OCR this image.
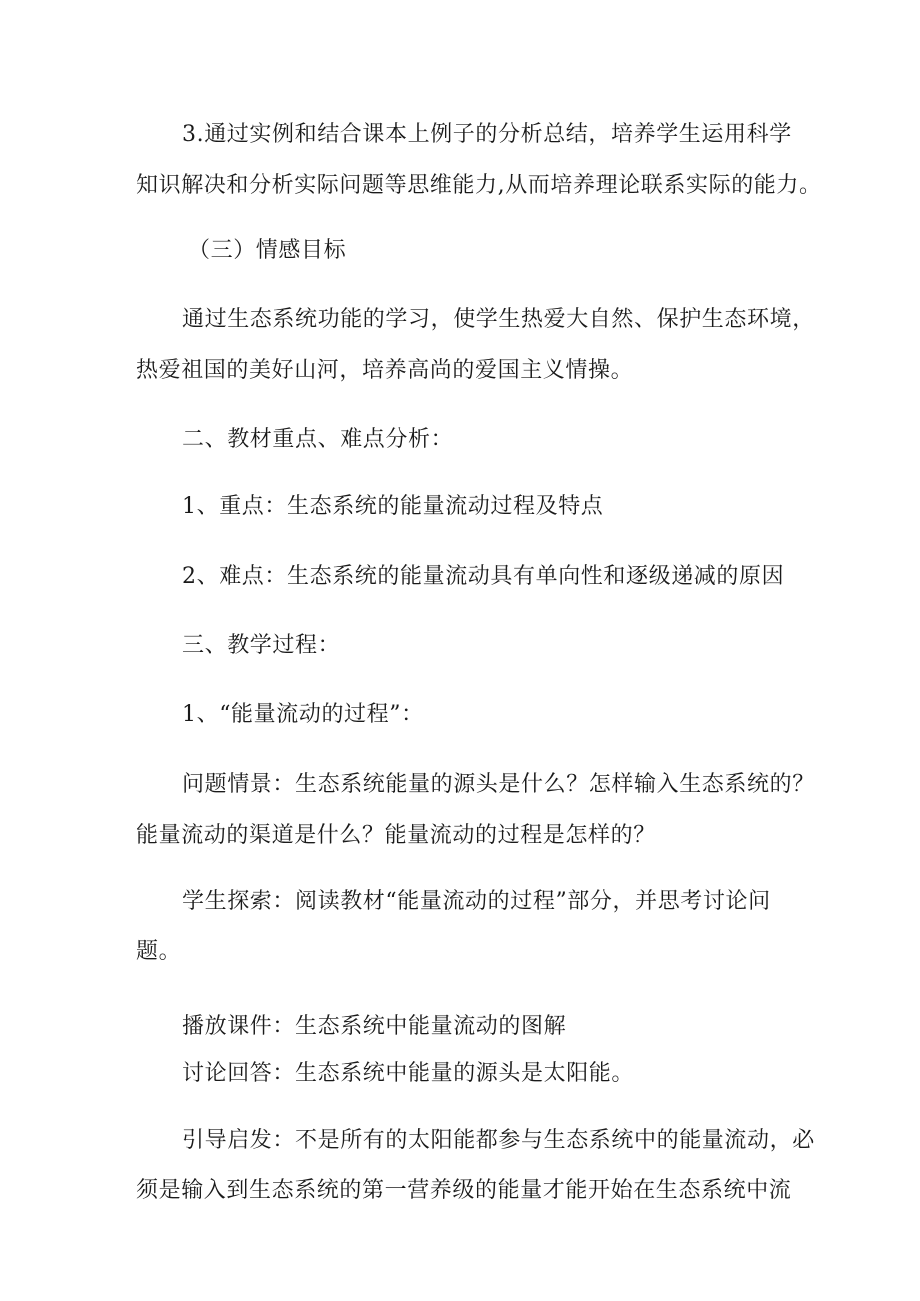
3.通过实例和结合课本上例子的分析总结，培养学生运用科学
知识解决和分析实际问题等思维能力,从而培养理论联系实际的能力。
（三）情感目标
通过生态系统功能的学习，使学生热爱大自然、保护生态环境，
热爱祖国的美好山河，培养高尚的爱国主义情操。
二、教材重点、难点分析：
1、重点：生态系统的能量流动过程及特点
2、难点：生态系统的能量流动具有单向性和逐级递减的原因
三、教学过程：
1、“能量流动的过程”：
问题情景：生态系统能量的源头是什么？怎样输入生态系统的？
能量流动的渠道是什么？能量流动的过程是怎样的？
学生探索：阅读教材“能量流动的过程”部分，并思考讨论问
题。
播放课件：生态系统中能量流动的图解
讨论回答：生态系统中能量的源头是太阳能。
引导启发：不是所有的太阳能都参与生态系统中的能量流动，必
须是输入到生态系统的第一营养级的能量才能开始在生态系统中流
